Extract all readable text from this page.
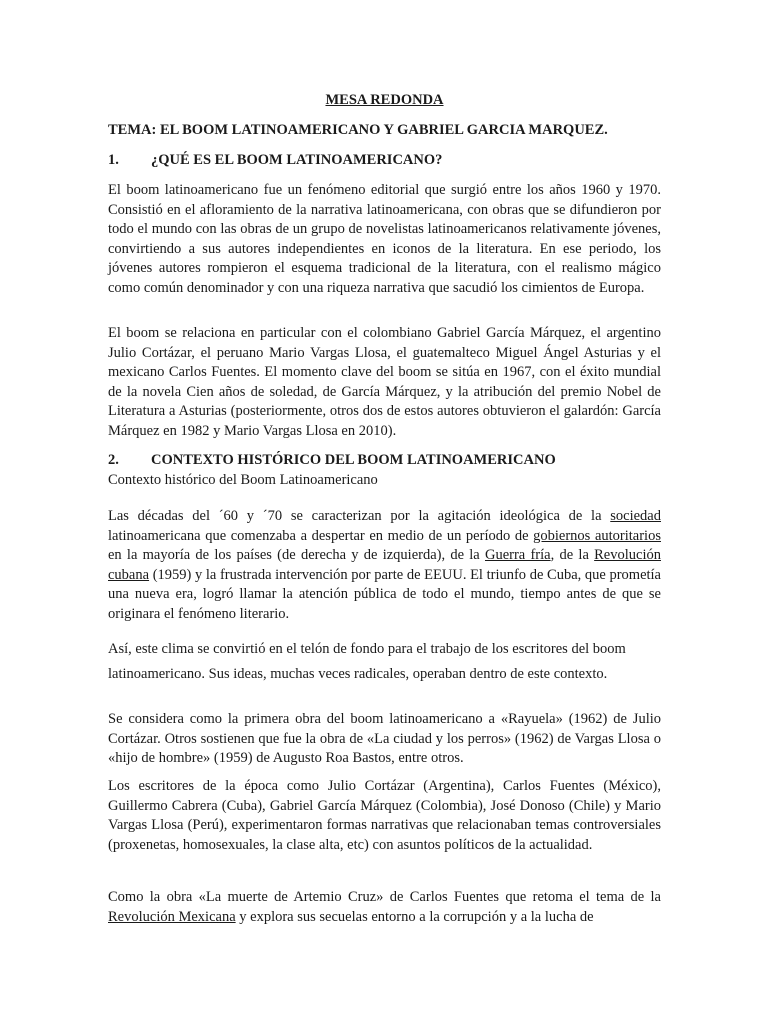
MESA REDONDA
TEMA: EL BOOM LATINOAMERICANO Y GABRIEL GARCIA MARQUEZ.
1. ¿QUÉ ES EL BOOM LATINOAMERICANO?
El boom latinoamericano fue un fenómeno editorial que surgió entre los años 1960 y 1970. Consistió en el afloramiento de la narrativa latinoamericana, con obras que se difundieron por todo el mundo con las obras de un grupo de novelistas latinoamericanos relativamente jóvenes, convirtiendo a sus autores independientes en iconos de la literatura. En ese periodo, los jóvenes autores rompieron el esquema tradicional de la literatura, con el realismo mágico como común denominador y con una riqueza narrativa que sacudió los cimientos de Europa.
El boom se relaciona en particular con el colombiano Gabriel García Márquez, el argentino Julio Cortázar, el peruano Mario Vargas Llosa, el guatemalteco Miguel Ángel Asturias y el mexicano Carlos Fuentes. El momento clave del boom se sitúa en 1967, con el éxito mundial de la novela Cien años de soledad, de García Márquez, y la atribución del premio Nobel de Literatura a Asturias (posteriormente, otros dos de estos autores obtuvieron el galardón: García Márquez en 1982 y Mario Vargas Llosa en 2010).
2. CONTEXTO HISTÓRICO DEL BOOM LATINOAMERICANO
Contexto histórico del Boom Latinoamericano
Las décadas del ´60 y ´70 se caracterizan por la agitación ideológica de la sociedad latinoamericana que comenzaba a despertar en medio de un período de gobiernos autoritarios en la mayoría de los países (de derecha y de izquierda), de la Guerra fría, de la Revolución cubana (1959) y la frustrada intervención por parte de EEUU. El triunfo de Cuba, que prometía una nueva era, logró llamar la atención pública de todo el mundo, tiempo antes de que se originara el fenómeno literario.
Así, este clima se convirtió en el telón de fondo para el trabajo de los escritores del boom
latinoamericano. Sus ideas, muchas veces radicales, operaban dentro de este contexto.
Se considera como la primera obra del boom latinoamericano a «Rayuela» (1962) de Julio Cortázar. Otros sostienen que fue la obra de «La ciudad y los perros» (1962) de Vargas Llosa o «hijo de hombre» (1959) de Augusto Roa Bastos, entre otros.
Los escritores de la época como Julio Cortázar (Argentina), Carlos Fuentes (México), Guillermo Cabrera (Cuba), Gabriel García Márquez (Colombia), José Donoso (Chile) y Mario Vargas Llosa (Perú), experimentaron formas narrativas que relacionaban temas controversiales (proxenetas, homosexuales, la clase alta, etc) con asuntos políticos de la actualidad.
Como la obra «La muerte de Artemio Cruz» de Carlos Fuentes que retoma el tema de la Revolución Mexicana y explora sus secuelas entorno a la corrupción y a la lucha de
